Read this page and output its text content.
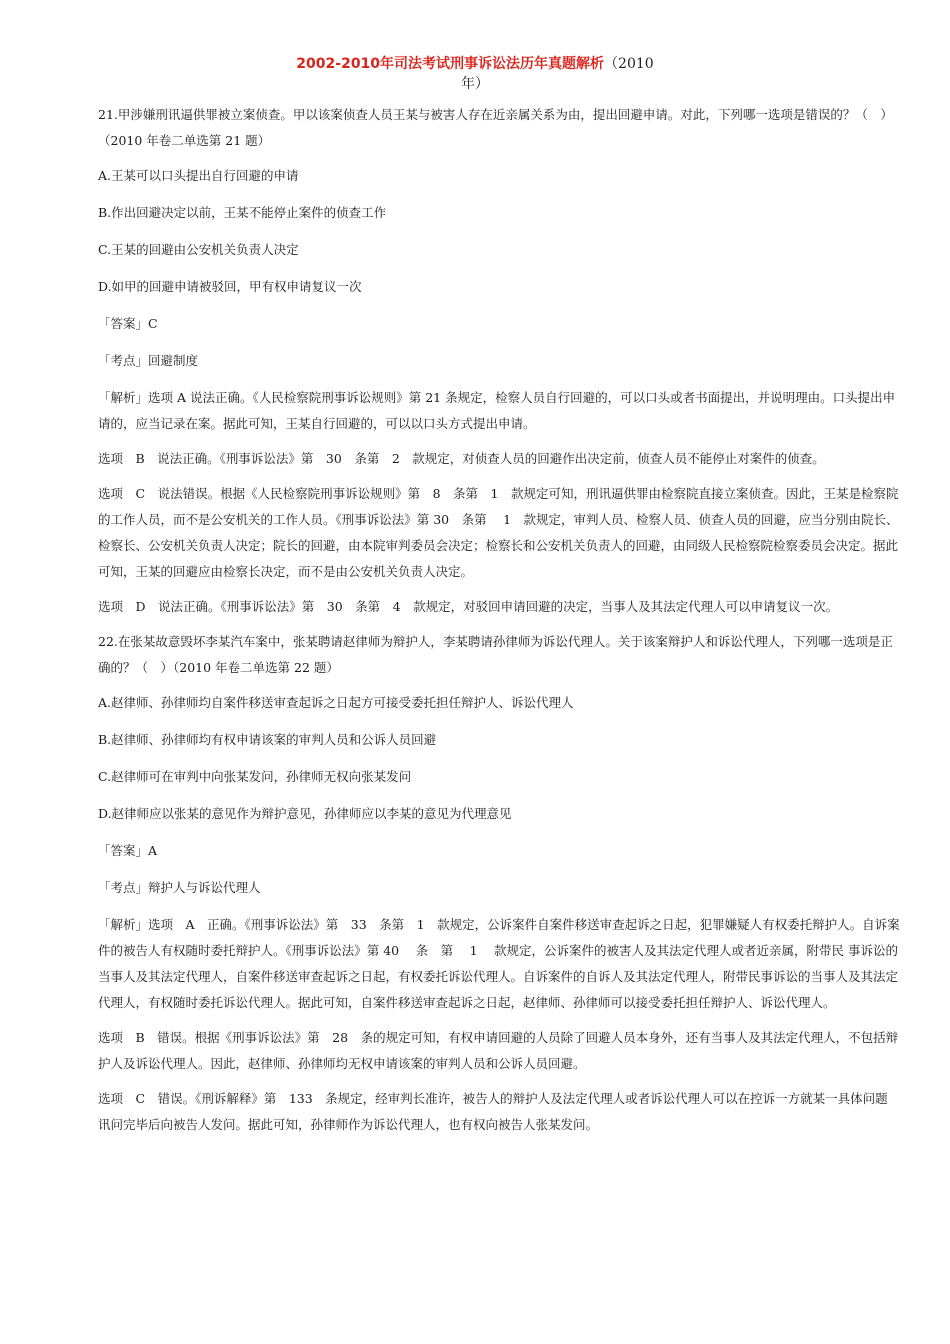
2002-2010年司法考试刑事诉讼法历年真题解析（2010
年）

21.甲涉嫌刑讯逼供罪被立案侦查。甲以该案侦查人员王某与被害人存在近亲属关系为由，提出回避申请。对此，下列哪一选项是错误的？（　）（2010 年卷二单选第 21 题）

A.王某可以口头提出自行回避的申请

B.作出回避决定以前，王某不能停止案件的侦查工作

C.王某的回避由公安机关负责人决定

D.如甲的回避申请被驳回，甲有权申请复议一次

「答案」C

「考点」回避制度

「解析」选项 A 说法正确。《人民检察院刑事诉讼规则》第 21 条规定，检察人员自行回避的，可以口头或者书面提出，并说明理由。口头提出申请的，应当记录在案。据此可知，王某自行回避的，可以以口头方式提出申请。

选项　B　说法正确。《刑事诉讼法》第　30　条第　2　款规定，对侦查人员的回避作出决定前，侦查人员不能停止对案件的侦查。

选项　C　说法错误。根据《人民检察院刑事诉讼规则》第　8　条第　1　款规定可知，刑讯逼供罪由检察院直接立案侦查。因此，王某是检察院的工作人员，而不是公安机关的工作人员。《刑事诉讼法》第 30　条第　 1　款规定，审判人员、检察人员、侦查人员的回避，应当分别由院长、检察长、公安机关负责人决定；院长的回避，由本院审判委员会决定；检察长和公安机关负责人的回避，由同级人民检察院检察委员会决定。据此可知，王某的回避应由检察长决定，而不是由公安机关负责人决定。

选项　D　说法正确。《刑事诉讼法》第　30　条第　4　款规定，对驳回申请回避的决定，当事人及其法定代理人可以申请复议一次。

22.在张某故意毁坏李某汽车案中，张某聘请赵律师为辩护人，李某聘请孙律师为诉讼代理人。关于该案辩护人和诉讼代理人，下列哪一选项是正确的？（　）（2010 年卷二单选第 22 题）

A.赵律师、孙律师均自案件移送审查起诉之日起方可接受委托担任辩护人、诉讼代理人

B.赵律师、孙律师均有权申请该案的审判人员和公诉人员回避

C.赵律师可在审判中向张某发问，孙律师无权向张某发问

D.赵律师应以张某的意见作为辩护意见，孙律师应以李某的意见为代理意见

「答案」A

「考点」辩护人与诉讼代理人

「解析」选项　A　正确。《刑事诉讼法》第　33　条第　1　款规定，公诉案件自案件移送审查起诉之日起，犯罪嫌疑人有权委托辩护人。自诉案件的被告人有权随时委托辩护人。《刑事诉讼法》第 40　 条　第　 1　 款规定，公诉案件的被害人及其法定代理人或者近亲属，附带民 事诉讼的当事人及其法定代理人，自案件移送审查起诉之日起，有权委托诉讼代理人。自诉案件的自诉人及其法定代理人，附带民事诉讼的当事人及其法定代理人，有权随时委托诉讼代理人。据此可知，自案件移送审查起诉之日起，赵律师、孙律师可以接受委托担任辩护人、诉讼代理人。

选项　B　错误。根据《刑事诉讼法》第　28　条的规定可知，有权申请回避的人员除了回避人员本身外，还有当事人及其法定代理人，不包括辩护人及诉讼代理人。因此，赵律师、孙律师均无权申请该案的审判人员和公诉人员回避。

选项　C　错误。《刑诉解释》第　133　条规定，经审判长准许，被告人的辩护人及法定代理人或者诉讼代理人可以在控诉一方就某一具体问题讯问完毕后向被告人发问。据此可知，孙律师作为诉讼代理人，也有权向被告人张某发问。
